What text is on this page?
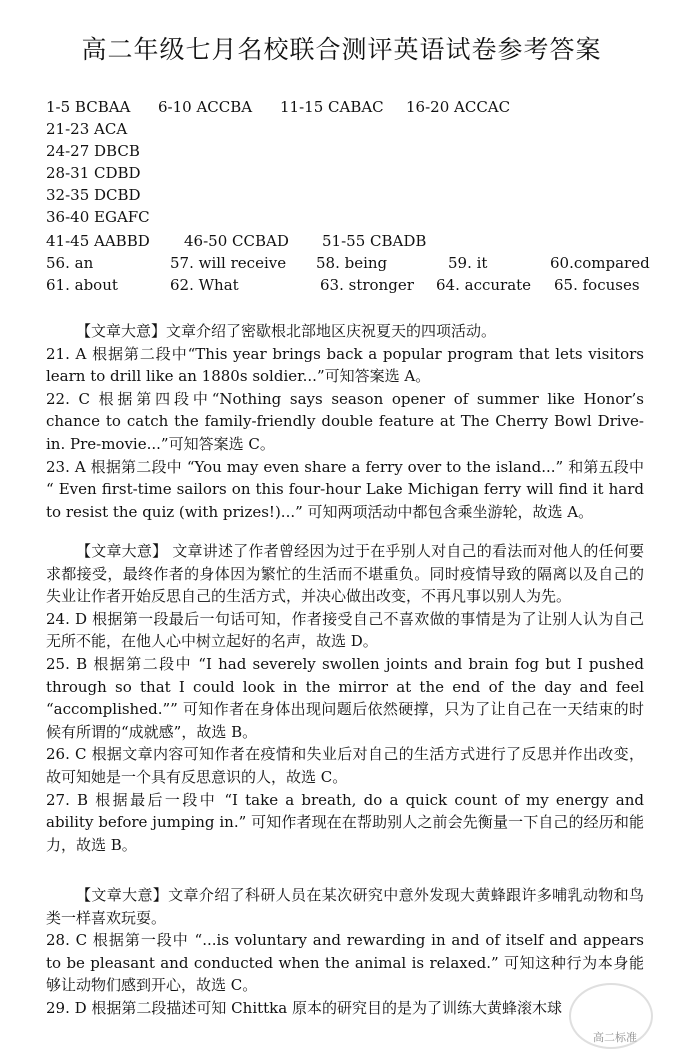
高二年级七月名校联合测评英语试卷参考答案
1-5 BCBAA 6-10 ACCBA 11-15 CABAC 16-20 ACCAC
21-23 ACA
24-27 DBCB
28-31 CDBD
32-35 DCBD
36-40 EGAFC
41-45 AABBD 46-50 CCBAD 51-55 CBADB
56. an	57. will receive 58. being	59. it	60.compared
61. about	62. What	63. stronger 64. accurate 65. focuses

【文章大意】文章介绍了密歇根北部地区庆祝夏天的四项活动。

21. A 根据第二段中“This year brings back a popular program that lets visitors learn to drill like an 1880s soldier...”可知答案选 A。

22. C 根据第四段中“Nothing says season opener of summer like Honor’s chance to catch the family-friendly double feature at The Cherry Bowl Drive-in. Pre-movie...”可知答案选 C。

23. A 根据第二段中 “You may even share a ferry over to the island...” 和第五段中 “ Even first-time sailors on this four-hour Lake Michigan ferry will find it hard to resist the quiz (with prizes!)...” 可知两项活动中都包含乘坐游轮，故选 A。

【文章大意】 文章讲述了作者曾经因为过于在乎别人对自己的看法而对他人的任何要求都接受，最终作者的身体因为繁忙的生活而不堪重负。同时疫情导致的隔离以及自己的失业让作者开始反思自己的生活方式，并决心做出改变，不再凡事以别人为先。

24. D 根据第一段最后一句话可知，作者接受自己不喜欢做的事情是为了让别人认为自己无所不能，在他人心中树立起好的名声，故选 D。

25. B 根据第二段中 “I had severely swollen joints and brain fog but I pushed through so that I could look in the mirror at the end of the day and feel “accomplished.”” 可知作者在身体出现问题后依然硬撑，只为了让自己在一天结束的时候有所谓的“成就感”，故选 B。

26. C 根据文章内容可知作者在疫情和失业后对自己的生活方式进行了反思并作出改变，故可知她是一个具有反思意识的人，故选 C。

27. B 根据最后一段中 “I take a breath, do a quick count of my energy and ability before jumping in.” 可知作者现在在帮助别人之前会先衡量一下自己的经历和能力，故选 B。

【文章大意】文章介绍了科研人员在某次研究中意外发现大黄蜂跟许多哺乳动物和鸟类一样喜欢玩耍。

28. C 根据第一段中 “...is voluntary and rewarding in and of itself and appears to be pleasant and conducted when the animal is relaxed.” 可知这种行为本身能够让动物们感到开心，故选 C。

29. D 根据第二段描述可知 Chittka 原本的研究目的是为了训练大黄蜂滚木球

高二标准
